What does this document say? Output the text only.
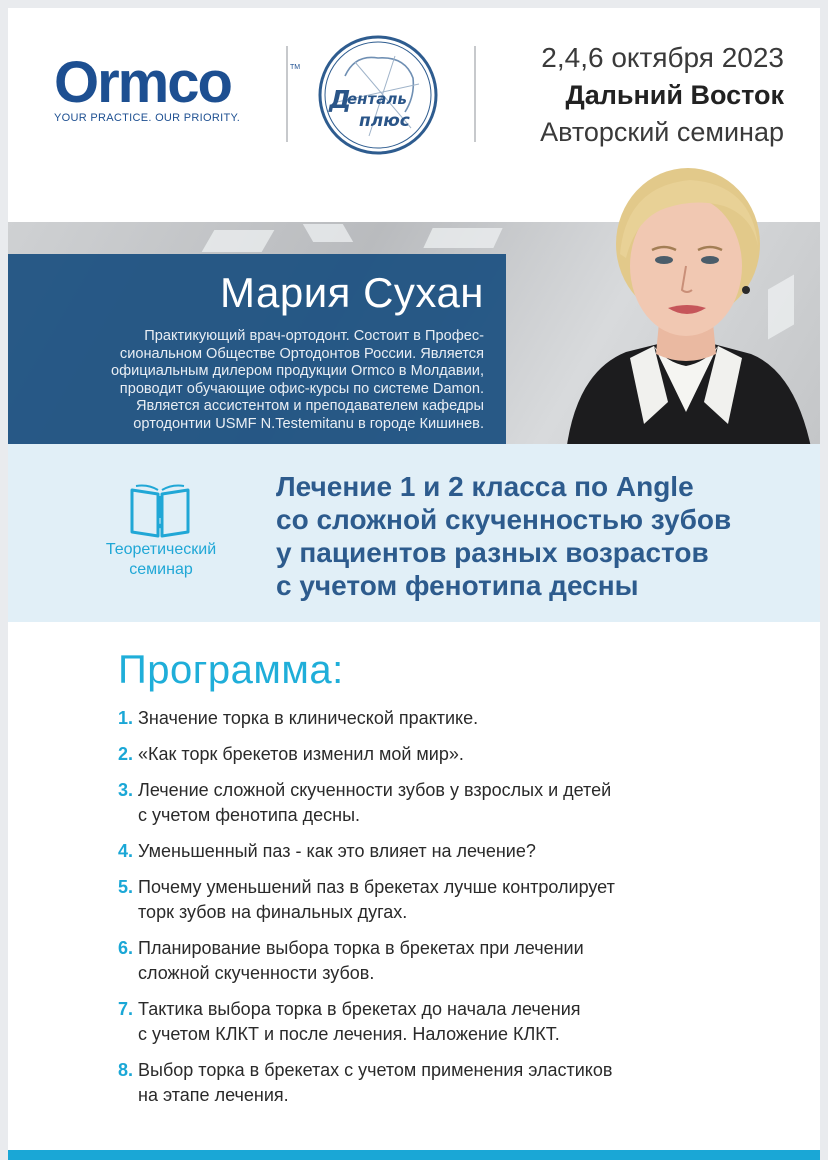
Ormco	TM
YOUR PRACTICE. OUR PRIORITY.
Д
енталь
плюс
2,4,6 октября 2023
Дальний Восток
Авторский семинар
Мария Сухан
Практикующий врач-ортодонт. Состоит в Профес-
сиональном Обществе Ортодонтов России. Является
официальным дилером продукции Ormco в Молдавии,
проводит обучающие офис-курсы по системе Damon.
Является ассистентом и преподавателем кафедры
ортодонтии USMF N.Testemitanu в городе Кишинев.
Теоретический
семинар
Лечение 1 и 2 класса по Angle
со сложной скученностью зубов
у пациентов разных возрастов
с учетом фенотипа десны
Программа:
1. Значение торка в клинической практике.
2. «Как торк брекетов изменил мой мир».
3. Лечение сложной скученности зубов у взрослых и детей
с учетом фенотипа десны.
4. Уменьшенный паз - как это влияет на лечение?
5. Почему уменьшений паз в брекетах лучше контролирует
торк зубов на финальных дугах.
6. Планирование выбора торка в брекетах при лечении
сложной скученности зубов.
7. Тактика выбора торка в брекетах до начала лечения
с учетом КЛКТ и после лечения. Наложение КЛКТ.
8. Выбор торка в брекетах с учетом применения эластиков
на этапе лечения.
